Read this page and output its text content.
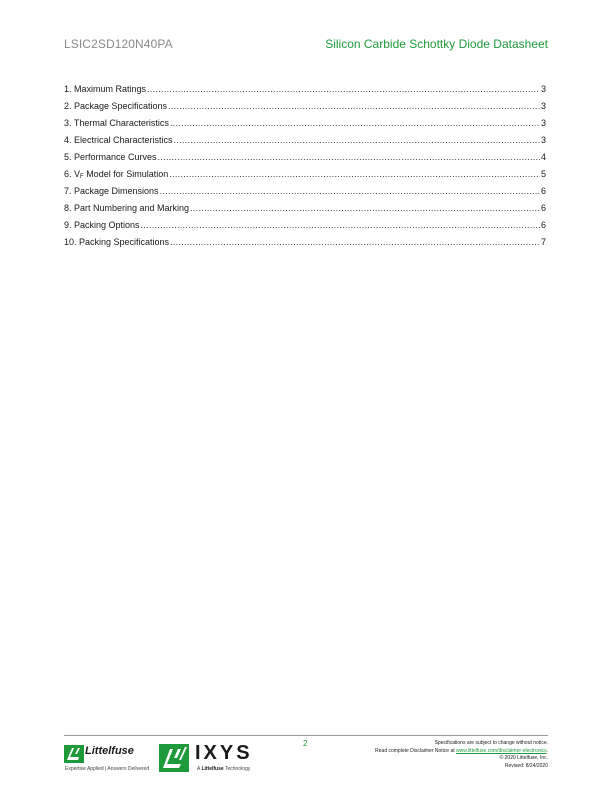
LSIC2SD120N40PA	Silicon Carbide Schottky Diode Datasheet
1. Maximum Ratings .....	3
2. Package Specifications .....	3
3. Thermal Characteristics .....	3
4. Electrical Characteristics .....	3
5. Performance Curves .....	4
6. $V_F$ Model for Simulation .....	5
7. Package Dimensions .....	6
8. Part Numbering and Marking .....	6
9. Packing Options .....	6
10. Packing Specifications .....	7
2
Littelfuse
Expertise Applied | Answers Delivered
IXYS
A Littelfuse Technology
Specifications are subject to change without notice.
Read complete Disclaimer Notice at www.littelfuse.com/disclaimer-electronics.
© 2020 Littelfuse, Inc.
Revised: 8/24/2020
